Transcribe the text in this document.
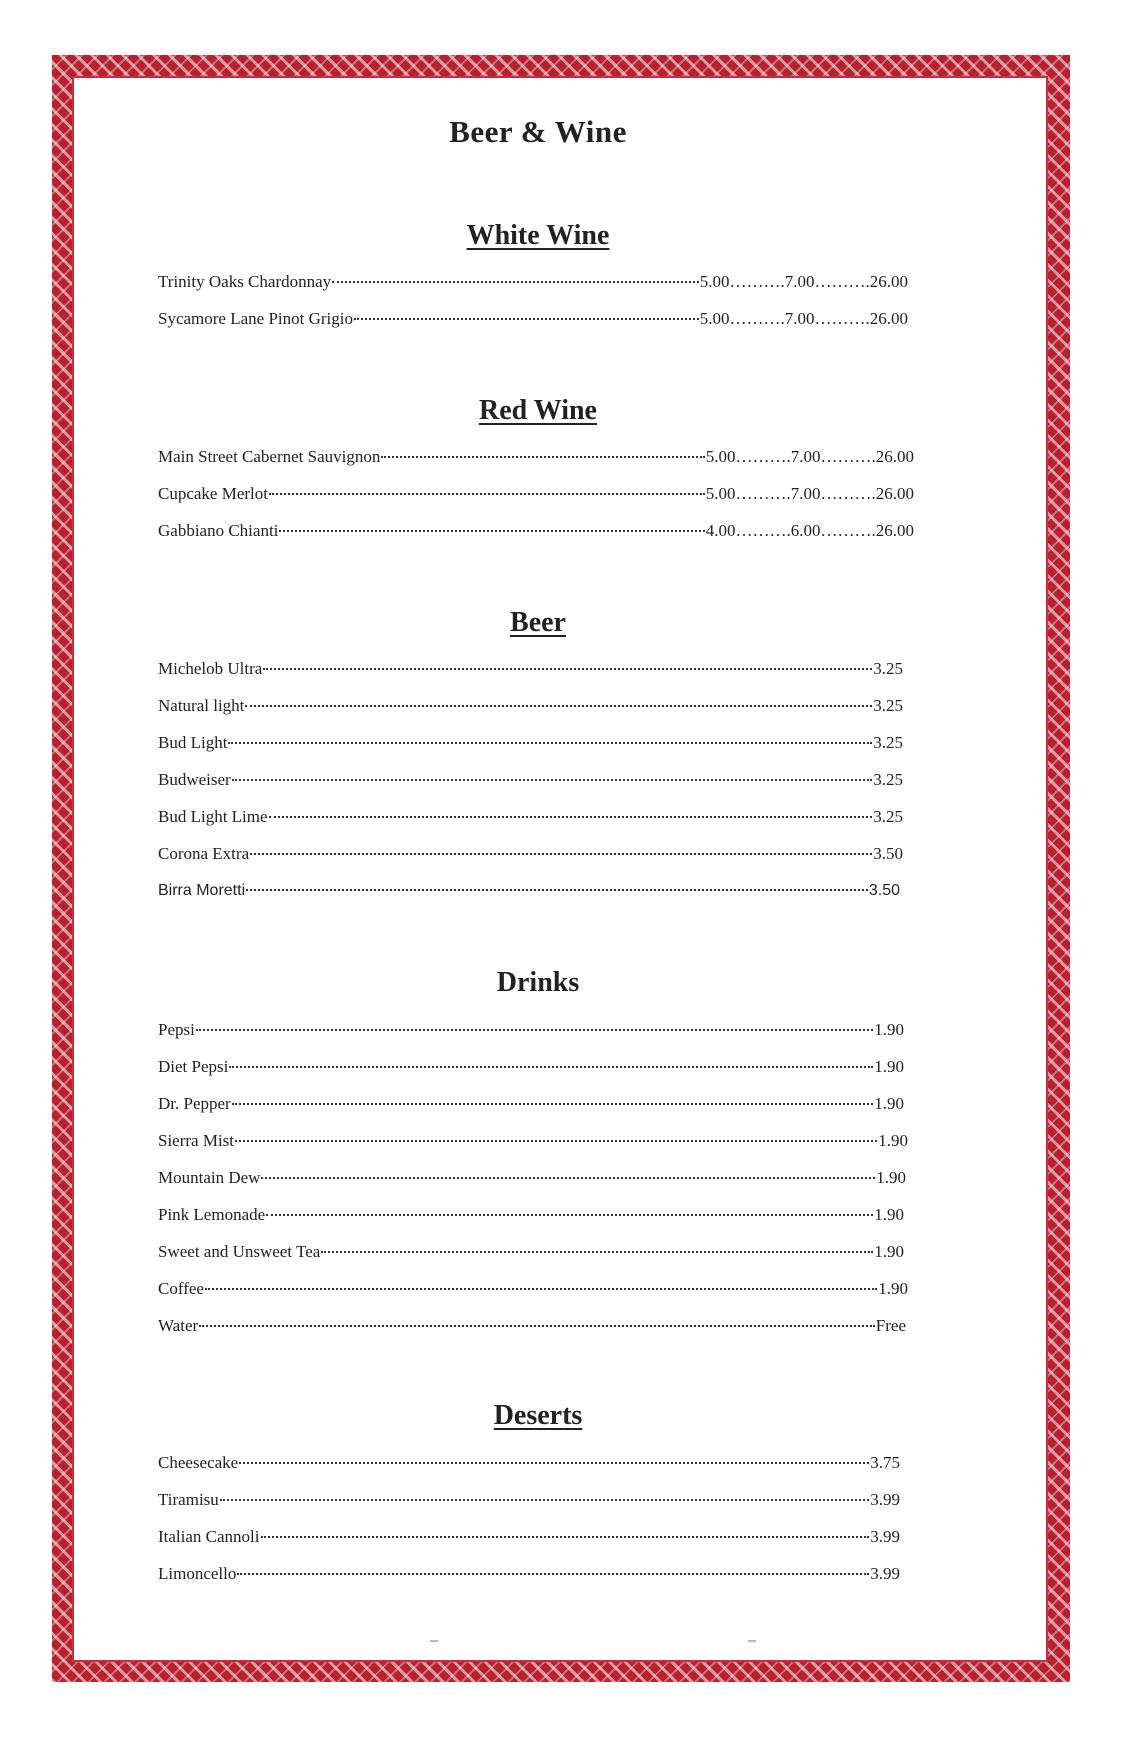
Beer & Wine
White Wine
Trinity Oaks Chardonnay	5.00……….7.00……….26.00
Sycamore Lane Pinot Grigio	5.00……….7.00……….26.00
Red Wine
Main Street Cabernet Sauvignon	5.00……….7.00……….26.00
Cupcake Merlot	5.00……….7.00……….26.00
Gabbiano Chianti	4.00……….6.00……….26.00
Beer
Michelob Ultra	3.25
Natural light	3.25
Bud Light	3.25
Budweiser	3.25
Bud Light Lime	3.25
Corona Extra	3.50
Birra Moretti	3.50
Drinks
Pepsi	1.90
Diet Pepsi	1.90
Dr. Pepper	1.90
Sierra Mist	1.90
Mountain Dew	1.90
Pink Lemonade	1.90
Sweet and Unsweet Tea	1.90
Coffee	1.90
Water	Free
Deserts
Cheesecake	3.75
Tiramisu	3.99
Italian Cannoli	3.99
Limoncello	3.99
